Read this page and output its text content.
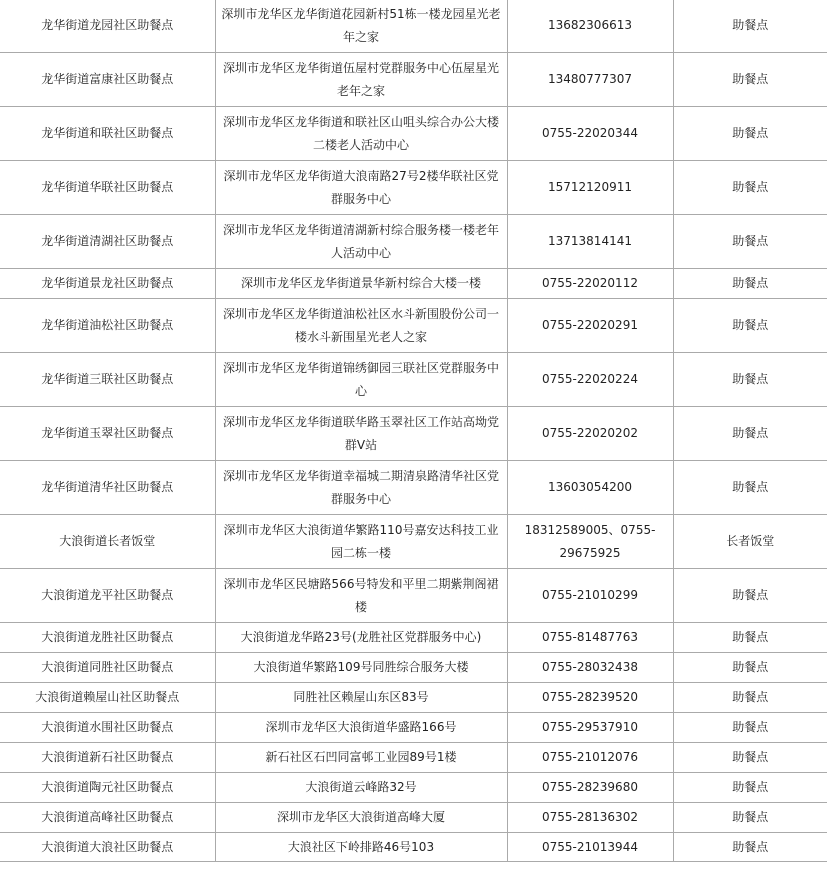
龙华街道龙园社区助餐点	深圳市龙华区龙华街道花园新村51栋一楼龙园星光老年之家	13682306613	助餐点
龙华街道富康社区助餐点	深圳市龙华区龙华街道伍屋村党群服务中心伍屋星光老年之家	13480777307	助餐点
龙华街道和联社区助餐点	深圳市龙华区龙华街道和联社区山咀头综合办公大楼二楼老人活动中心	0755-22020344	助餐点
龙华街道华联社区助餐点	深圳市龙华区龙华街道大浪南路27号2楼华联社区党群服务中心	15712120911	助餐点
龙华街道清湖社区助餐点	深圳市龙华区龙华街道清湖新村综合服务楼一楼老年人活动中心	13713814141	助餐点
龙华街道景龙社区助餐点	深圳市龙华区龙华街道景华新村综合大楼一楼	0755-22020112	助餐点
龙华街道油松社区助餐点	深圳市龙华区龙华街道油松社区水斗新围股份公司一楼水斗新围星光老人之家	0755-22020291	助餐点
龙华街道三联社区助餐点	深圳市龙华区龙华街道锦绣御园三联社区党群服务中心	0755-22020224	助餐点
龙华街道玉翠社区助餐点	深圳市龙华区龙华街道联华路玉翠社区工作站高坳党群V站	0755-22020202	助餐点
龙华街道清华社区助餐点	深圳市龙华区龙华街道幸福城二期清泉路清华社区党群服务中心	13603054200	助餐点
大浪街道长者饭堂	深圳市龙华区大浪街道华繁路110号嘉安达科技工业园二栋一楼	18312589005、0755-29675925	长者饭堂
大浪街道龙平社区助餐点	深圳市龙华区民塘路566号特发和平里二期紫荆阁裙楼	0755-21010299	助餐点
大浪街道龙胜社区助餐点	大浪街道龙华路23号(龙胜社区党群服务中心)	0755-81487763	助餐点
大浪街道同胜社区助餐点	大浪街道华繁路109号同胜综合服务大楼	0755-28032438	助餐点
大浪街道赖屋山社区助餐点	同胜社区赖屋山东区83号	0755-28239520	助餐点
大浪街道水围社区助餐点	深圳市龙华区大浪街道华盛路166号	0755-29537910	助餐点
大浪街道新石社区助餐点	新石社区石凹同富邨工业园89号1楼	0755-21012076	助餐点
大浪街道陶元社区助餐点	大浪街道云峰路32号	0755-28239680	助餐点
大浪街道高峰社区助餐点	深圳市龙华区大浪街道高峰大厦	0755-28136302	助餐点
大浪街道大浪社区助餐点	大浪社区下岭排路46号103	0755-21013944	助餐点
